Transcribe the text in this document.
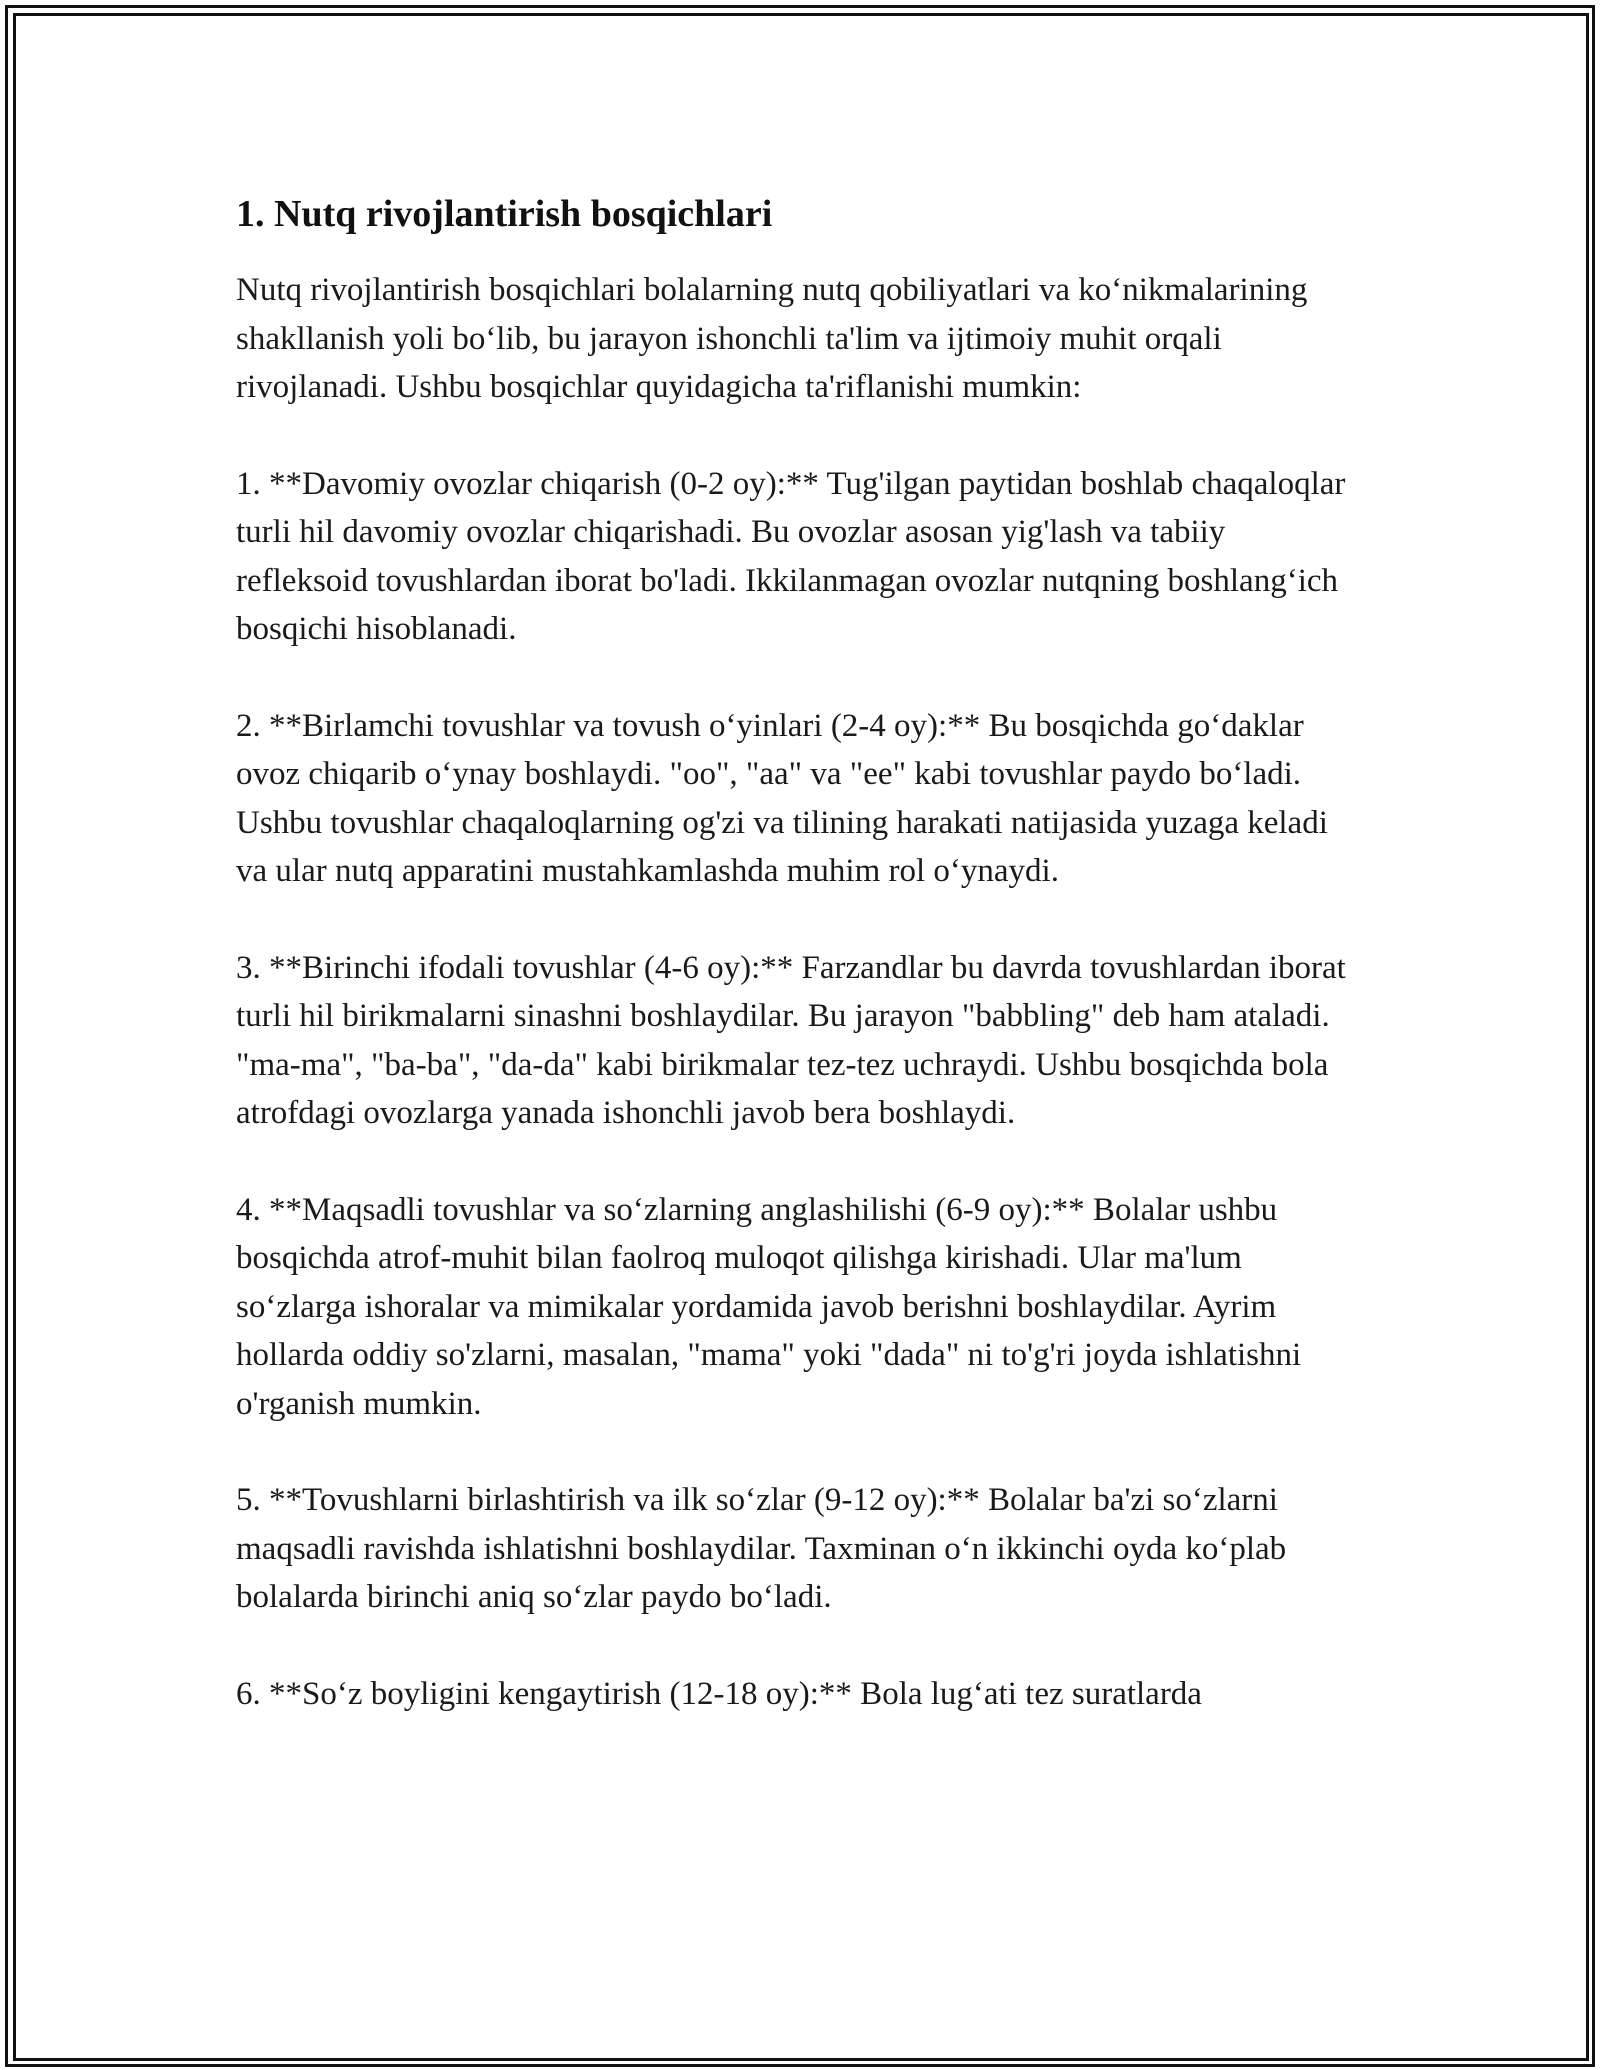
1. Nutq rivojlantirish bosqichlari

Nutq rivojlantirish bosqichlari bolalarning nutq qobiliyatlari va ko‘nikmalarining shakllanish yoli bo‘lib, bu jarayon ishonchli ta'lim va ijtimoiy muhit orqali rivojlanadi. Ushbu bosqichlar quyidagicha ta'riflanishi mumkin:

1. **Davomiy ovozlar chiqarish (0-2 oy):** Tug'ilgan paytidan boshlab chaqaloqlar turli hil davomiy ovozlar chiqarishadi. Bu ovozlar asosan yig'lash va tabiiy refleksoid tovushlardan iborat bo'ladi. Ikkilanmagan ovozlar nutqning boshlang‘ich bosqichi hisoblanadi.

2. **Birlamchi tovushlar va tovush o‘yinlari (2-4 oy):** Bu bosqichda go‘daklar ovoz chiqarib o‘ynay boshlaydi. "oo", "aa" va "ee" kabi tovushlar paydo bo‘ladi. Ushbu tovushlar chaqaloqlarning og'zi va tilining harakati natijasida yuzaga keladi va ular nutq apparatini mustahkamlashda muhim rol o‘ynaydi.

3. **Birinchi ifodali tovushlar (4-6 oy):** Farzandlar bu davrda tovushlardan iborat turli hil birikmalarni sinashni boshlaydilar. Bu jarayon "babbling" deb ham ataladi. "ma-ma", "ba-ba", "da-da" kabi birikmalar tez-tez uchraydi. Ushbu bosqichda bola atrofdagi ovozlarga yanada ishonchli javob bera boshlaydi.

4. **Maqsadli tovushlar va so‘zlarning anglashilishi (6-9 oy):** Bolalar ushbu bosqichda atrof-muhit bilan faolroq muloqot qilishga kirishadi. Ular ma'lum so‘zlarga ishoralar va mimikalar yordamida javob berishni boshlaydilar. Ayrim hollarda oddiy so'zlarni, masalan, "mama" yoki "dada" ni to'g'ri joyda ishlatishni o'rganish mumkin.

5. **Tovushlarni birlashtirish va ilk so‘zlar (9-12 oy):** Bolalar ba'zi so‘zlarni maqsadli ravishda ishlatishni boshlaydilar. Taxminan o‘n ikkinchi oyda ko‘plab bolalarda birinchi aniq so‘zlar paydo bo‘ladi.

6. **So‘z boyligini kengaytirish (12-18 oy):** Bola lug‘ati tez suratlarda
